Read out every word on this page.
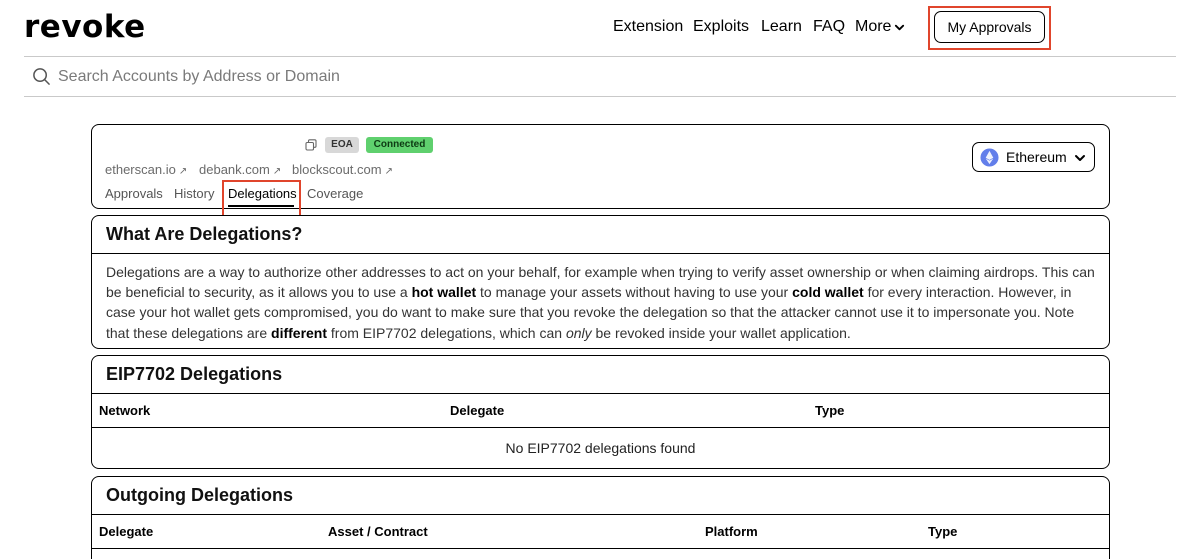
revoke	Extension Exploits Learn FAQ More	My Approvals
Search Accounts by Address or Domain
EOA	Connected
etherscan.io ↗ debank.com ↗ blockscout.com ↗
Approvals History Delegations Coverage
Ethereum
What Are Delegations?
Delegations are a way to authorize other addresses to act on your behalf, for example when trying to verify asset ownership or when claiming airdrops. This can be beneficial to security, as it allows you to use a hot wallet to manage your assets without having to use your cold wallet for every interaction. However, in case your hot wallet gets compromised, you do want to make sure that you revoke the delegation so that the attacker cannot use it to impersonate you. Note that these delegations are different from EIP7702 delegations, which can only be revoked inside your wallet application.
EIP7702 Delegations
Network	Delegate	Type
No EIP7702 delegations found
Outgoing Delegations
Delegate	Asset / Contract	Platform	Type
